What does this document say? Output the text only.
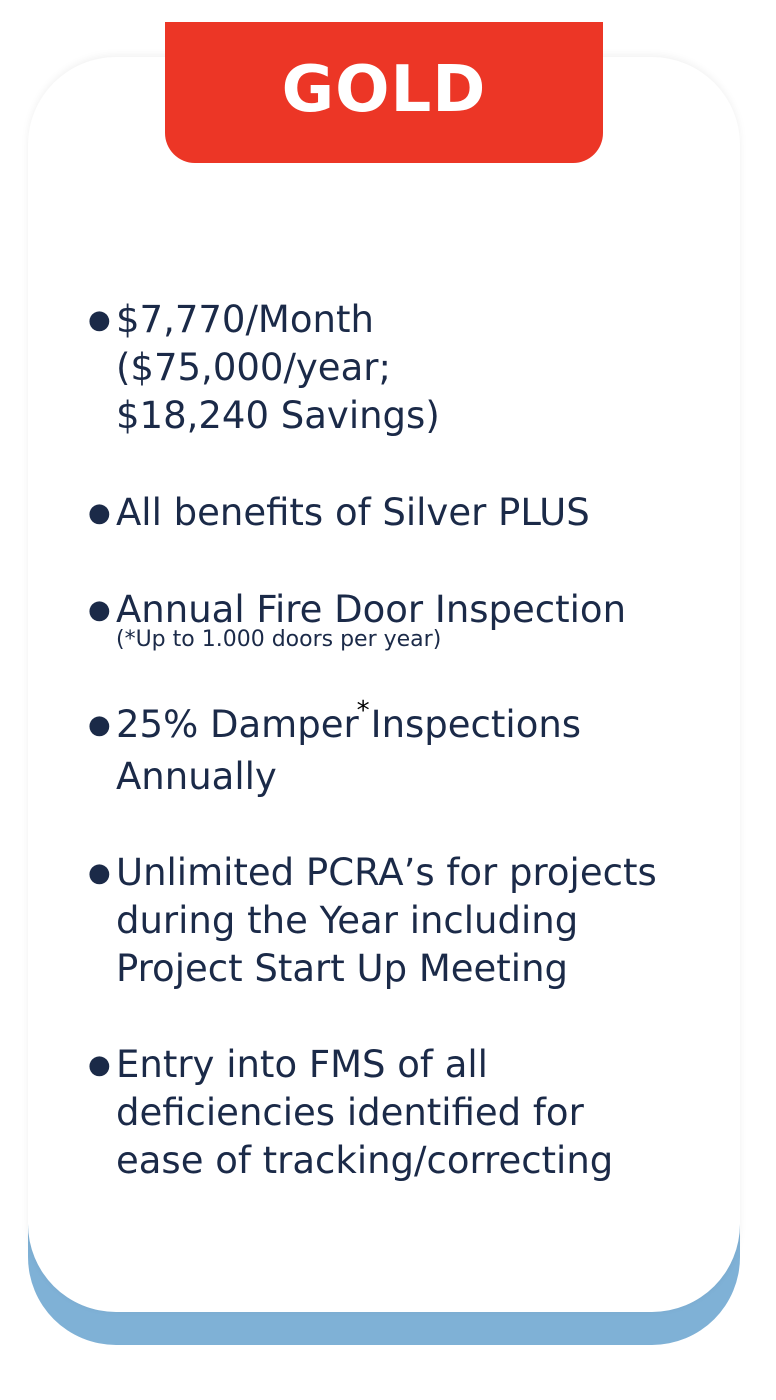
GOLD
● $7,770/Month
($75,000/year;
$18,240 Savings)
● All benefits of Silver PLUS
● Annual Fire Door Inspection
(*Up to 1.000 doors per year)
● 25% Damper*Inspections
Annually
● Unlimited PCRA’s for projects
during the Year including
Project Start Up Meeting
● Entry into FMS of all
deficiencies identified for
ease of tracking/correcting
